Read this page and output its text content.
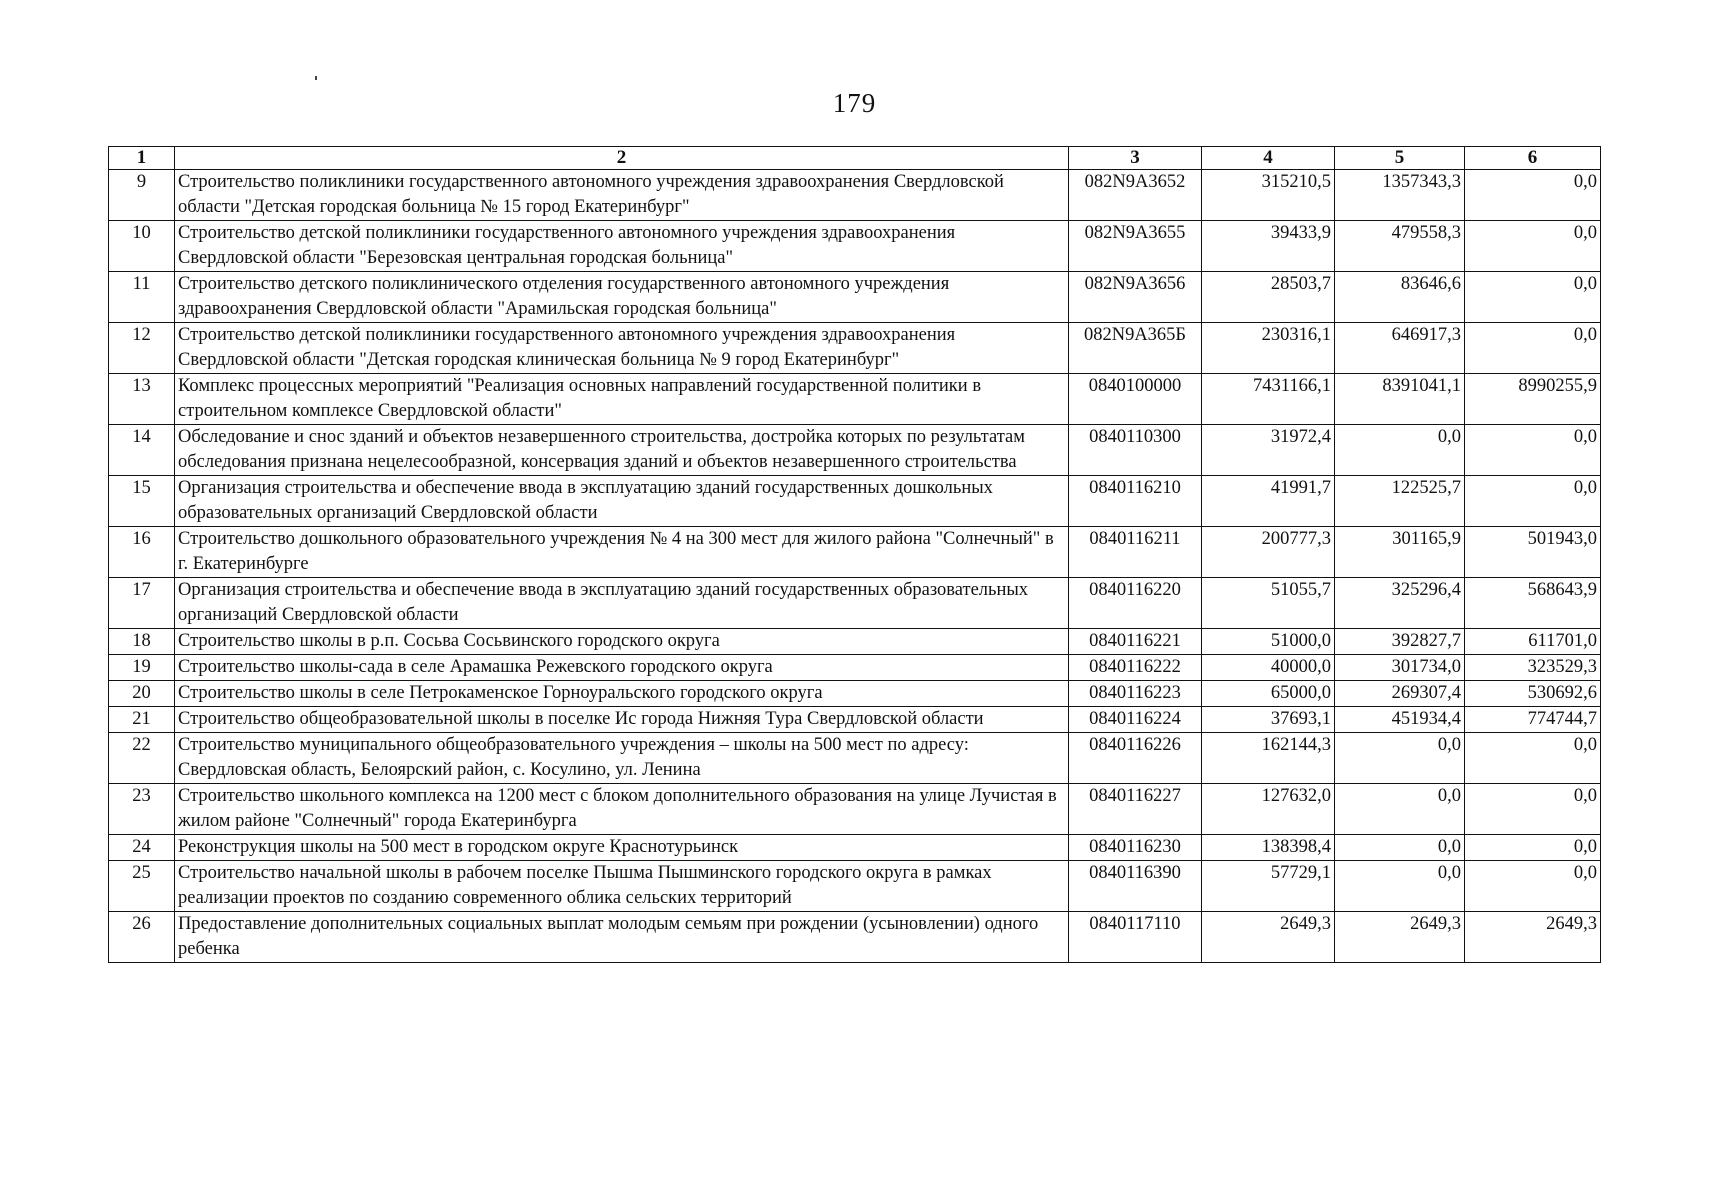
179
1	2	3	4	5	6
9	Строительство поликлиники государственного автономного учреждения здравоохранения Свердловской области "Детская городская больница № 15 город Екатеринбург"	082N9A3652	315210,5	1357343,3	0,0
10	Строительство детской поликлиники государственного автономного учреждения здравоохранения Свердловской области "Березовская центральная городская больница"	082N9A3655	39433,9	479558,3	0,0
11	Строительство детского поликлинического отделения государственного автономного учреждения здравоохранения Свердловской области "Арамильская городская больница"	082N9A3656	28503,7	83646,6	0,0
12	Строительство детской поликлиники государственного автономного учреждения здравоохранения Свердловской области "Детская городская клиническая больница № 9 город Екатеринбург"	082N9A365Б	230316,1	646917,3	0,0
13	Комплекс процессных мероприятий "Реализация основных направлений государственной политики в строительном комплексе Свердловской области"	0840100000	7431166,1	8391041,1	8990255,9
14	Обследование и снос зданий и объектов незавершенного строительства, достройка которых по результатам обследования признана нецелесообразной, консервация зданий и объектов незавершенного строительства	0840110300	31972,4	0,0	0,0
15	Организация строительства и обеспечение ввода в эксплуатацию зданий государственных дошкольных образовательных организаций Свердловской области	0840116210	41991,7	122525,7	0,0
16	Строительство дошкольного образовательного учреждения № 4 на 300 мест для жилого района "Солнечный" в г. Екатеринбурге	0840116211	200777,3	301165,9	501943,0
17	Организация строительства и обеспечение ввода в эксплуатацию зданий государственных образовательных организаций Свердловской области	0840116220	51055,7	325296,4	568643,9
18	Строительство школы в р.п. Сосьва Сосьвинского городского округа	0840116221	51000,0	392827,7	611701,0
19	Строительство школы-сада в селе Арамашка Режевского городского округа	0840116222	40000,0	301734,0	323529,3
20	Строительство школы в селе Петрокаменское Горноуральского городского округа	0840116223	65000,0	269307,4	530692,6
21	Строительство общеобразовательной школы в поселке Ис города Нижняя Тура Свердловской области	0840116224	37693,1	451934,4	774744,7
22	Строительство муниципального общеобразовательного учреждения – школы на 500 мест по адресу: Свердловская область, Белоярский район, с. Косулино, ул. Ленина	0840116226	162144,3	0,0	0,0
23	Строительство школьного комплекса на 1200 мест с блоком дополнительного образования на улице Лучистая в жилом районе "Солнечный" города Екатеринбурга	0840116227	127632,0	0,0	0,0
24	Реконструкция школы на 500 мест в городском округе Краснотурьинск	0840116230	138398,4	0,0	0,0
25	Строительство начальной школы в рабочем поселке Пышма Пышминского городского округа в рамках реализации проектов по созданию современного облика сельских территорий	0840116390	57729,1	0,0	0,0
26	Предоставление дополнительных социальных выплат молодым семьям при рождении (усыновлении) одного ребенка	0840117110	2649,3	2649,3	2649,3
